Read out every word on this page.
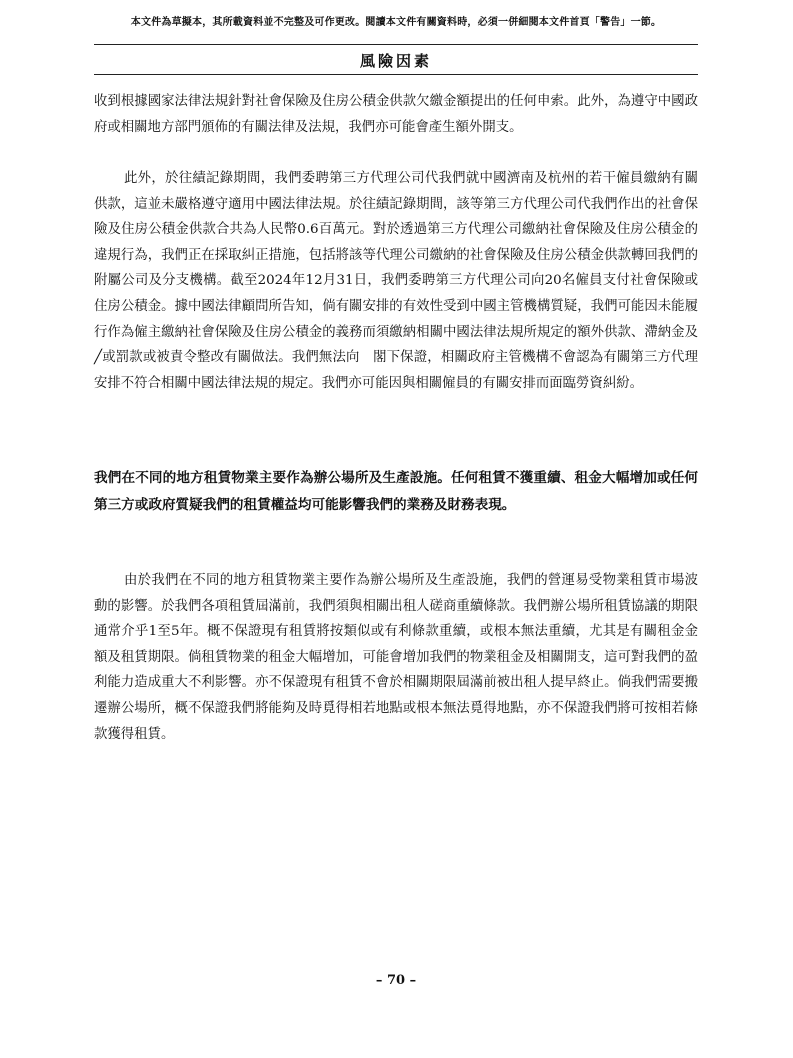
本文件為草擬本，其所載資料並不完整及可作更改。閱讀本文件有關資料時，必須一併細閱本文件首頁「警告」一節。
風險因素

收到根據國家法律法規針對社會保險及住房公積金供款欠繳金額提出的任何申索。此外，為遵守中國政府或相關地方部門頒佈的有關法律及法規，我們亦可能會產生額外開支。

此外，於往績記錄期間，我們委聘第三方代理公司代我們就中國濟南及杭州的若干僱員繳納有關供款，這並未嚴格遵守適用中國法律法規。於往績記錄期間，該等第三方代理公司代我們作出的社會保險及住房公積金供款合共為人民幣0.6百萬元。對於透過第三方代理公司繳納社會保險及住房公積金的違規行為，我們正在採取糾正措施，包括將該等代理公司繳納的社會保險及住房公積金供款轉回我們的附屬公司及分支機構。截至2024年12月31日，我們委聘第三方代理公司向20名僱員支付社會保險或住房公積金。據中國法律顧問所告知，倘有關安排的有效性受到中國主管機構質疑，我們可能因未能履行作為僱主繳納社會保險及住房公積金的義務而須繳納相關中國法律法規所規定的額外供款、滯納金及╱或罰款或被責令整改有關做法。我們無法向　閣下保證，相關政府主管機構不會認為有關第三方代理安排不符合相關中國法律法規的規定。我們亦可能因與相關僱員的有關安排而面臨勞資糾紛。

我們在不同的地方租賃物業主要作為辦公場所及生產設施。任何租賃不獲重續、租金大幅增加或任何第三方或政府質疑我們的租賃權益均可能影響我們的業務及財務表現。

由於我們在不同的地方租賃物業主要作為辦公場所及生產設施，我們的營運易受物業租賃市場波動的影響。於我們各項租賃屆滿前，我們須與相關出租人磋商重續條款。我們辦公場所租賃協議的期限通常介乎1至5年。概不保證現有租賃將按類似或有利條款重續，或根本無法重續，尤其是有關租金金額及租賃期限。倘租賃物業的租金大幅增加，可能會增加我們的物業租金及相關開支，這可對我們的盈利能力造成重大不利影響。亦不保證現有租賃不會於相關期限屆滿前被出租人提早終止。倘我們需要搬遷辦公場所，概不保證我們將能夠及時覓得相若地點或根本無法覓得地點，亦不保證我們將可按相若條款獲得租賃。

– 70 –
